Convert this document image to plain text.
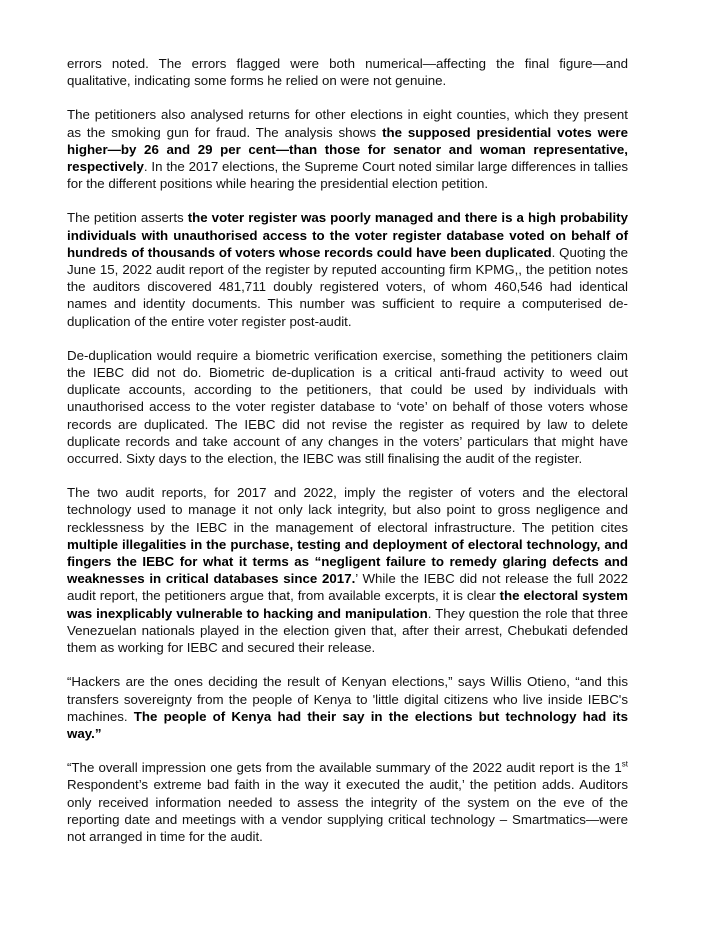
errors noted. The errors flagged were both numerical—affecting the final figure—and qualitative, indicating some forms he relied on were not genuine.

The petitioners also analysed returns for other elections in eight counties, which they present as the smoking gun for fraud. The analysis shows the supposed presidential votes were higher—by 26 and 29 per cent—than those for senator and woman representative, respectively. In the 2017 elections, the Supreme Court noted similar large differences in tallies for the different positions while hearing the presidential election petition.

The petition asserts the voter register was poorly managed and there is a high probability individuals with unauthorised access to the voter register database voted on behalf of hundreds of thousands of voters whose records could have been duplicated. Quoting the June 15, 2022 audit report of the register by reputed accounting firm KPMG,, the petition notes the auditors discovered 481,711 doubly registered voters, of whom 460,546 had identical names and identity documents. This number was sufficient to require a computerised de-duplication of the entire voter register post-audit.

De-duplication would require a biometric verification exercise, something the petitioners claim the IEBC did not do. Biometric de-duplication is a critical anti-fraud activity to weed out duplicate accounts, according to the petitioners, that could be used by individuals with unauthorised access to the voter register database to ‘vote’ on behalf of those voters whose records are duplicated. The IEBC did not revise the register as required by law to delete duplicate records and take account of any changes in the voters’ particulars that might have occurred. Sixty days to the election, the IEBC was still finalising the audit of the register.

The two audit reports, for 2017 and 2022, imply the register of voters and the electoral technology used to manage it not only lack integrity, but also point to gross negligence and recklessness by the IEBC in the management of electoral infrastructure. The petition cites multiple illegalities in the purchase, testing and deployment of electoral technology, and fingers the IEBC for what it terms as “negligent failure to remedy glaring defects and weaknesses in critical databases since 2017.’ While the IEBC did not release the full 2022 audit report, the petitioners argue that, from available excerpts, it is clear the electoral system was inexplicably vulnerable to hacking and manipulation. They question the role that three Venezuelan nationals played in the election given that, after their arrest, Chebukati defended them as working for IEBC and secured their release.

“Hackers are the ones deciding the result of Kenyan elections,” says Willis Otieno, “and this transfers sovereignty from the people of Kenya to 'little digital citizens who live inside IEBC's machines. The people of Kenya had their say in the elections but technology had its way.”

“The overall impression one gets from the available summary of the 2022 audit report is the 1st Respondent’s extreme bad faith in the way it executed the audit,’ the petition adds. Auditors only received information needed to assess the integrity of the system on the eve of the reporting date and meetings with a vendor supplying critical technology – Smartmatics—were not arranged in time for the audit.
